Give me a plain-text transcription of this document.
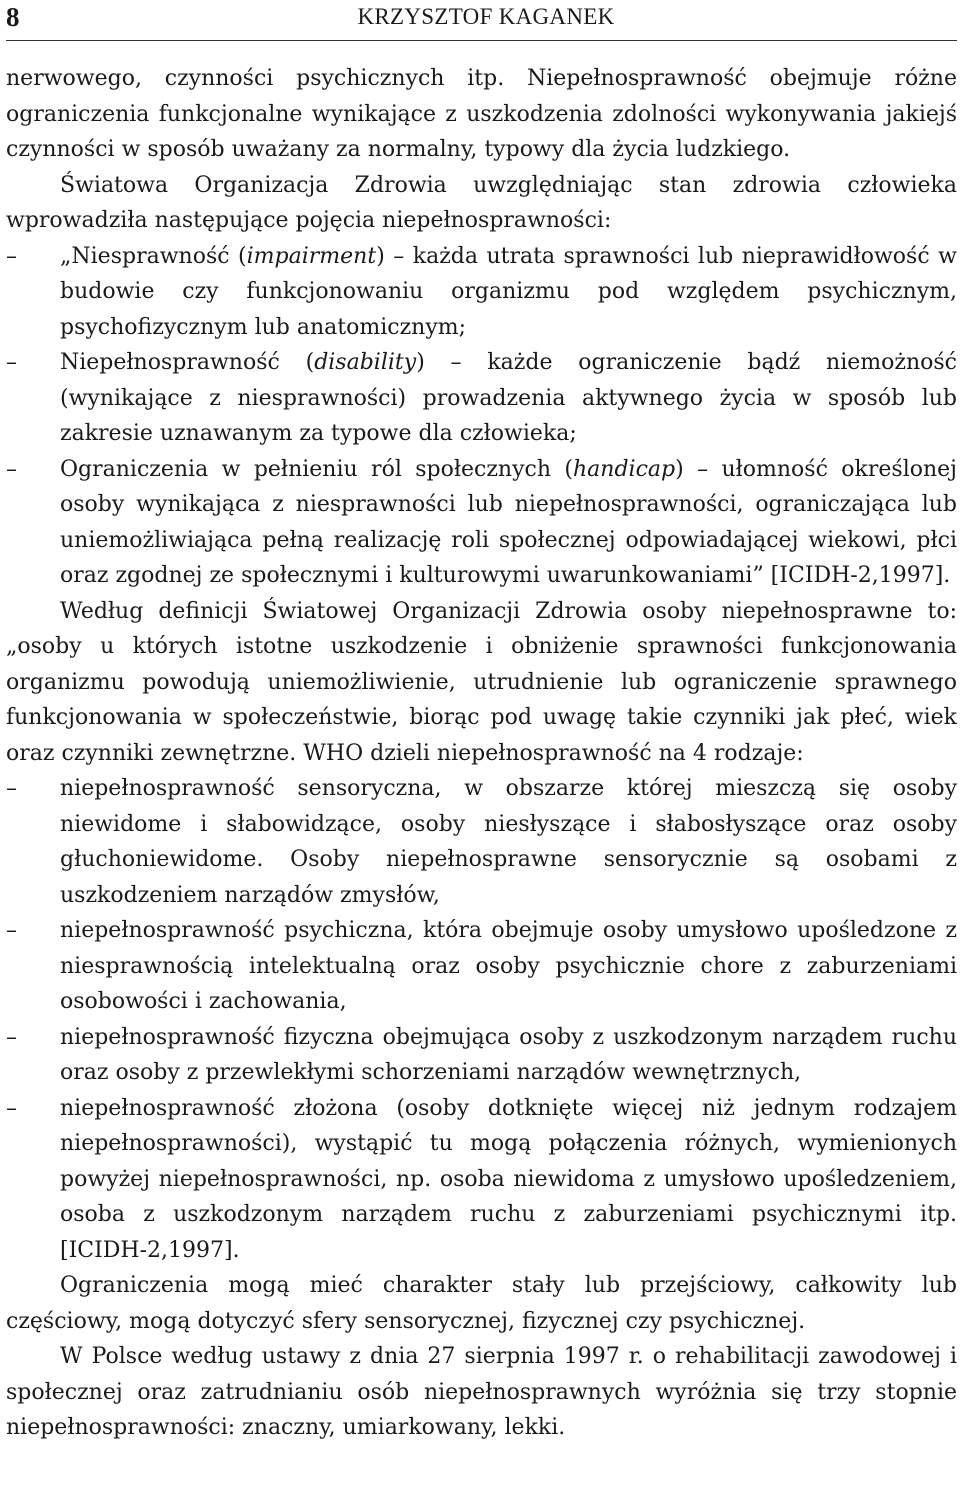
8	KRZYSZTOF KAGANEK

nerwowego, czynności psychicznych itp. Niepełnosprawność obejmuje różne ograniczenia funkcjonalne wynikające z uszkodzenia zdolności wykonywania jakiejś czynności w sposób uważany za normalny, typowy dla życia ludzkiego.

Światowa Organizacja Zdrowia uwzględniając stan zdrowia człowieka wprowadziła następujące pojęcia niepełnosprawności:

– „Niesprawność (impairment) – każda utrata sprawności lub nieprawidłowość w budowie czy funkcjonowaniu organizmu pod względem psychicznym, psychofizycznym lub anatomicznym;
– Niepełnosprawność (disability) – każde ograniczenie bądź niemożność (wynikające z niesprawności) prowadzenia aktywnego życia w sposób lub zakresie uznawanym za typowe dla człowieka;
– Ograniczenia w pełnieniu ról społecznych (handicap) – ułomność określonej osoby wynikająca z niesprawności lub niepełnosprawności, ograniczająca lub uniemożliwiająca pełną realizację roli społecznej odpowiadającej wiekowi, płci oraz zgodnej ze społecznymi i kulturowymi uwarunkowaniami” [ICIDH-2,1997].

Według definicji Światowej Organizacji Zdrowia osoby niepełnosprawne to: „osoby u których istotne uszkodzenie i obniżenie sprawności funkcjonowania organizmu powodują uniemożliwienie, utrudnienie lub ograniczenie sprawnego funkcjonowania w społeczeństwie, biorąc pod uwagę takie czynniki jak płeć, wiek oraz czynniki zewnętrzne. WHO dzieli niepełnosprawność na 4 rodzaje:

– niepełnosprawność sensoryczna, w obszarze której mieszczą się osoby niewidome i słabowidzące, osoby niesłyszące i słabosłyszące oraz osoby głuchoniewidome. Osoby niepełnosprawne sensorycznie są osobami z uszkodzeniem narządów zmysłów,
– niepełnosprawność psychiczna, która obejmuje osoby umysłowo upośledzone z niesprawnością intelektualną oraz osoby psychicznie chore z zaburzeniami osobowości i zachowania,
– niepełnosprawność fizyczna obejmująca osoby z uszkodzonym narządem ruchu oraz osoby z przewlekłymi schorzeniami narządów wewnętrznych,
– niepełnosprawność złożona (osoby dotknięte więcej niż jednym rodzajem niepełnosprawności), wystąpić tu mogą połączenia różnych, wymienionych powyżej niepełnosprawności, np. osoba niewidoma z umysłowo upośledzeniem, osoba z uszkodzonym narządem ruchu z zaburzeniami psychicznymi itp. [ICIDH-2,1997].

Ograniczenia mogą mieć charakter stały lub przejściowy, całkowity lub częściowy, mogą dotyczyć sfery sensorycznej, fizycznej czy psychicznej.

W Polsce według ustawy z dnia 27 sierpnia 1997 r. o rehabilitacji zawodowej i społecznej oraz zatrudnianiu osób niepełnosprawnych wyróżnia się trzy stopnie niepełnosprawności: znaczny, umiarkowany, lekki.
